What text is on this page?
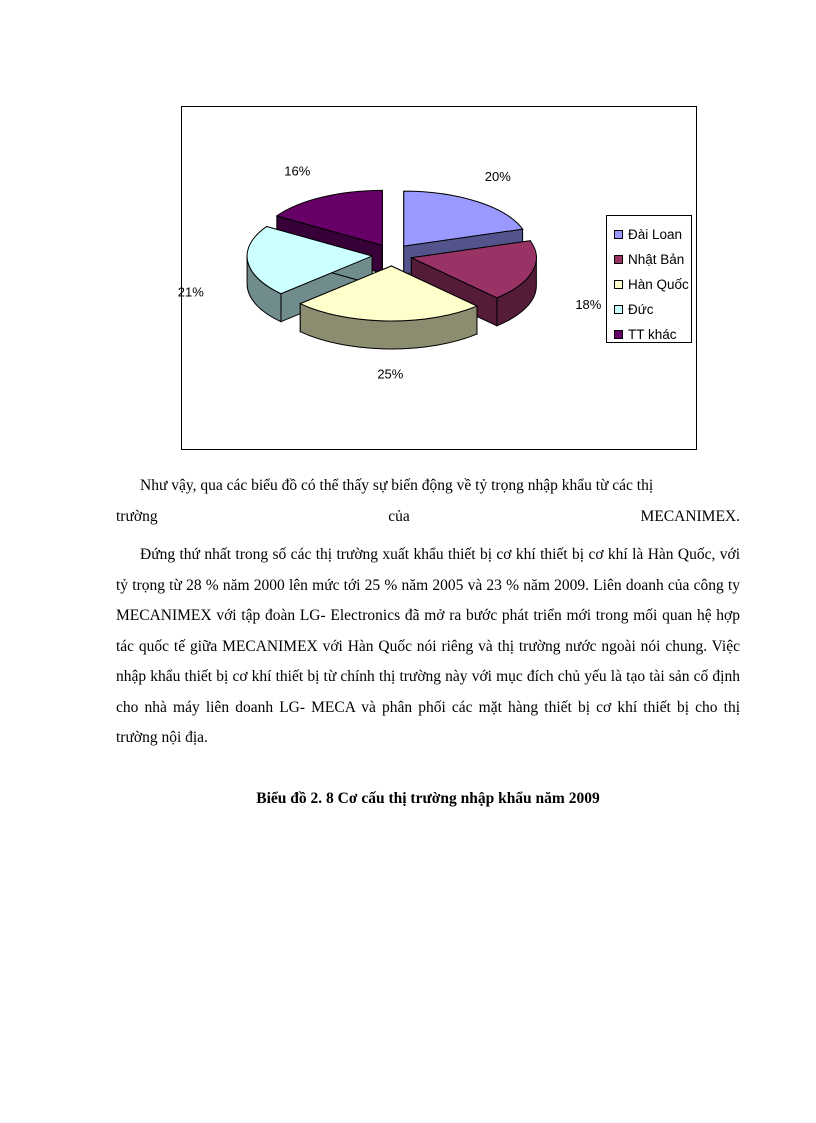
20%
18%
25%
21%
16%
Đài Loan
Nhật Bản
Hàn Quốc
Đức
TT khác

Như vậy, qua các biểu đồ có thể thấy sự biến động về tỷ trọng nhập khẩu từ các thị

trường	của	MECANIMEX.

Đứng thứ nhất trong số các thị trường xuất khẩu thiết bị cơ khí thiết bị cơ khí là Hàn Quốc, với tỷ trọng từ 28 % năm 2000 lên mức tới 25 % năm 2005 và 23 % năm 2009. Liên doanh của công ty MECANIMEX với tập đoàn LG- Electronics đã mở ra bước phát triển mới trong mối quan hệ hợp tác quốc tế giữa MECANIMEX với Hàn Quốc nói riêng và thị trường nước ngoài nói chung. Việc nhập khẩu thiết bị cơ khí thiết bị từ chính thị trường này với mục đích chủ yếu là tạo tài sản cố định cho nhà máy liên doanh LG- MECA và phân phối các mặt hàng thiết bị cơ khí thiết bị cho thị trường nội địa.

Biểu đồ 2. 8 Cơ cấu thị trường nhập khẩu năm 2009
